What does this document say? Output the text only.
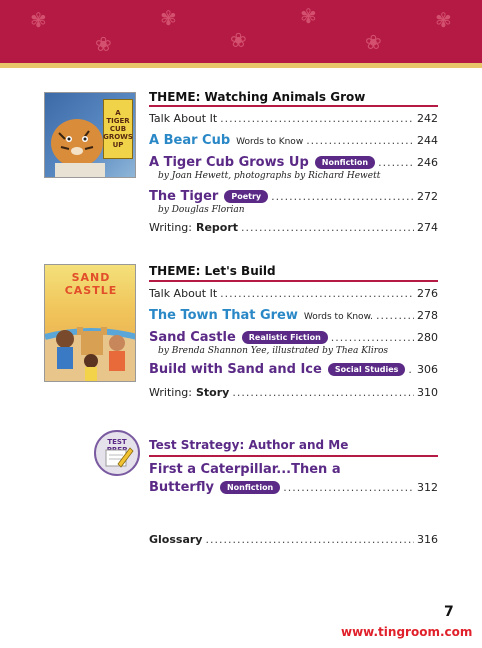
✾
❀
✾
❀
✾
❀
✾
A
TIGER
CUB
GROWS
UP
THEME: Watching Animals Grow
Talk About It .....	242
A Bear Cub Words to Know .....	244
A Tiger Cub Grows Up	Nonfiction .....	246
by Joan Hewett, photographs by Richard Hewett
The Tiger	Poetry .....	272
by Douglas Florian
Writing: Report .....	274
SAND CASTLE
THEME: Let's Build
Talk About It .....	276
The Town That Grew Words to Know. .....	278
Sand Castle	Realistic Fiction .....	280
by Brenda Shannon Yee, illustrated by Thea Kliros
Build with Sand and Ice	Social Studies .....	306
Writing: Story .....	310
TEST	Test Strategy: Author and Me
First a Caterpillar...Then a
Butterfly	Nonfiction .....	312
Glossary .....	316
7
www.tingroom.com
